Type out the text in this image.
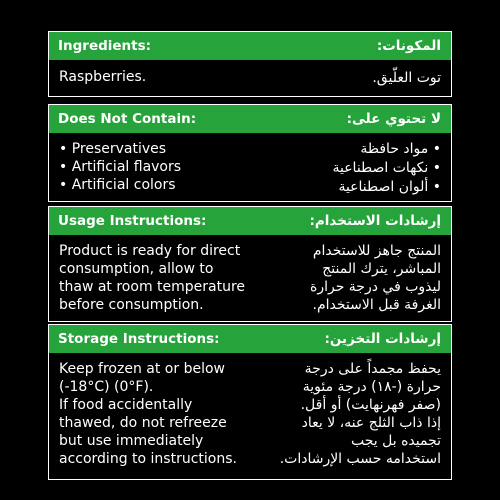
Ingredients:	المكونات:
Raspberries.	توت العلّيق.
Does Not Contain:	لا تحتوي على:
• Preservatives
• Artificial flavors
• Artificial colors
• مواد حافظة
• نكهات اصطناعية
• ألوان اصطناعية
Usage Instructions:	إرشادات الاستخدام:
Product is ready for direct
consumption, allow to
thaw at room temperature
before consumption.
المنتج جاهز للاستخدام
المباشر، يترك المنتج
ليذوب في درجة حرارة
الغرفة قبل الاستخدام.
Storage Instructions:	إرشادات التخزين:
Keep frozen at or below
(-18°C) (0°F).
If food accidentally
thawed, do not refreeze
but use immediately
according to instructions.
يحفظ مجمداً على درجة
حرارة (-١٨) درجة مئوية
(صفر فهرنهايت) أو أقل.
إذا ذاب الثلج عنه، لا يعاد
تجميده بل يجب
استخدامه حسب الإرشادات.
